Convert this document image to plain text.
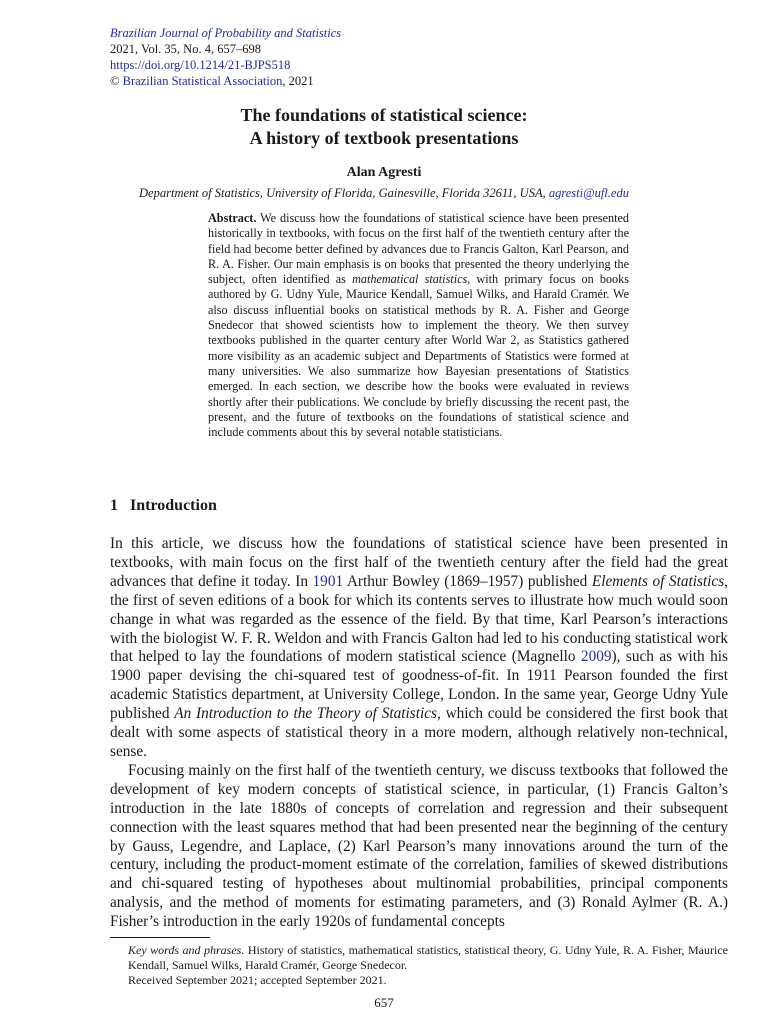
Brazilian Journal of Probability and Statistics
2021, Vol. 35, No. 4, 657–698
https://doi.org/10.1214/21-BJPS518
© Brazilian Statistical Association, 2021
The foundations of statistical science:
A history of textbook presentations
Alan Agresti
Department of Statistics, University of Florida, Gainesville, Florida 32611, USA, agresti@ufl.edu
Abstract. We discuss how the foundations of statistical science have been presented historically in textbooks, with focus on the first half of the twentieth century after the field had become better defined by advances due to Francis Galton, Karl Pearson, and R. A. Fisher. Our main emphasis is on books that presented the theory underlying the subject, often identified as mathematical statistics, with primary focus on books authored by G. Udny Yule, Maurice Kendall, Samuel Wilks, and Harald Cramér. We also discuss influential books on statistical methods by R. A. Fisher and George Snedecor that showed scientists how to implement the theory. We then survey textbooks published in the quarter century after World War 2, as Statistics gathered more visibility as an academic subject and Departments of Statistics were formed at many universities. We also summarize how Bayesian presentations of Statistics emerged. In each section, we describe how the books were evaluated in reviews shortly after their publications. We conclude by briefly discussing the recent past, the present, and the future of textbooks on the foundations of statistical science and include comments about this by several notable statisticians.
1 Introduction

In this article, we discuss how the foundations of statistical science have been presented in textbooks, with main focus on the first half of the twentieth century after the field had the great advances that define it today. In 1901 Arthur Bowley (1869–1957) published Elements of Statistics, the first of seven editions of a book for which its contents serves to illustrate how much would soon change in what was regarded as the essence of the field. By that time, Karl Pearson’s interactions with the biologist W. F. R. Weldon and with Francis Galton had led to his conducting statistical work that helped to lay the foundations of modern statistical science (Magnello 2009), such as with his 1900 paper devising the chi-squared test of goodness-of-fit. In 1911 Pearson founded the first academic Statistics department, at University College, London. In the same year, George Udny Yule published An Introduction to the Theory of Statistics, which could be considered the first book that dealt with some aspects of statistical theory in a more modern, although relatively non-technical, sense.

Focusing mainly on the first half of the twentieth century, we discuss textbooks that followed the development of key modern concepts of statistical science, in particular, (1) Francis Galton’s introduction in the late 1880s of concepts of correlation and regression and their subsequent connection with the least squares method that had been presented near the beginning of the century by Gauss, Legendre, and Laplace, (2) Karl Pearson’s many innovations around the turn of the century, including the product-moment estimate of the correlation, families of skewed distributions and chi-squared testing of hypotheses about multinomial probabilities, principal components analysis, and the method of moments for estimating parameters, and (3) Ronald Aylmer (R. A.) Fisher’s introduction in the early 1920s of fundamental concepts

Key words and phrases. History of statistics, mathematical statistics, statistical theory, G. Udny Yule, R. A. Fisher, Maurice Kendall, Samuel Wilks, Harald Cramér, George Snedecor.

Received September 2021; accepted September 2021.

657
